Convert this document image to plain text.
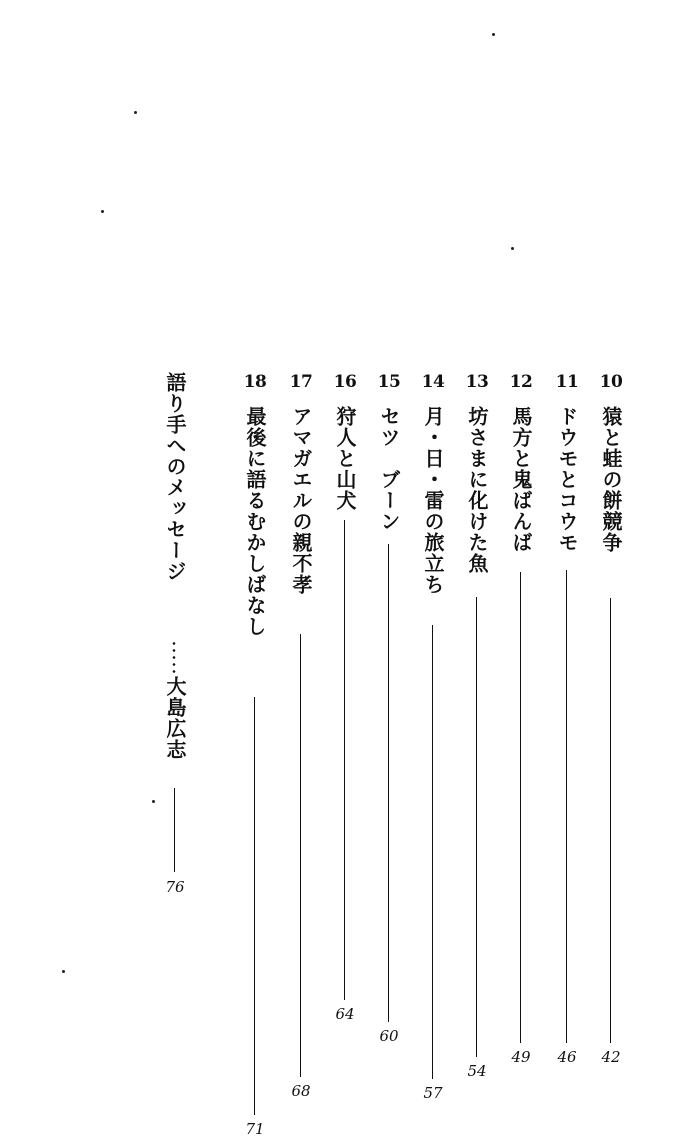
10
猿と蛙の餅競争
42
11
ドウモとコウモ
46
12
馬方と鬼ばんば
49
13
坊さまに化けた魚
54
14
月・日・雷の旅立ち
57
15
セツ　ブーン
60
16
狩人と山犬
64
17
アマガエルの親不孝
68
18
最後に語るむかしばなし
71
語り手へのメッセージ
大島広志
76
